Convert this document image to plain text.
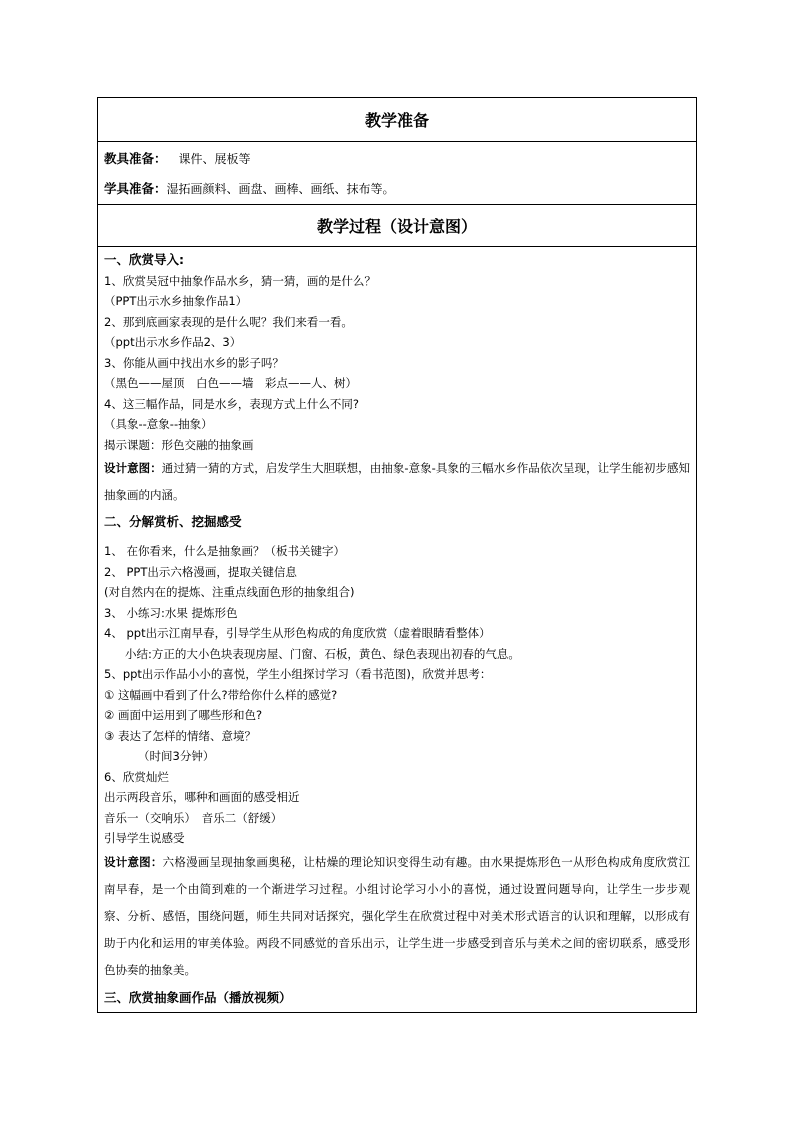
教学准备
教具准备： 　课件、展板等
学具准备： 湿拓画颜料、画盘、画棒、画纸、抹布等。
教学过程（设计意图）
一、欣赏导入:
1、欣赏吴冠中抽象作品水乡，猜一猜，画的是什么？
（PPT出示水乡抽象作品1）
2、那到底画家表现的是什么呢？我们来看一看。
（ppt出示水乡作品2、3）
3、你能从画中找出水乡的影子吗？
（黑色——屋顶　白色——墙　彩点——人、树）
4、这三幅作品，同是水乡，表现方式上什么不同?
（具象--意象--抽象）
揭示课题：形色交融的抽象画
设计意图：通过猜一猜的方式，启发学生大胆联想，由抽象-意象-具象的三幅水乡作品依次呈现，让学生能初步感知抽象画的内涵。
二、分解赏析、挖掘感受
1、 在你看来，什么是抽象画？（板书关键字）
2、 PPT出示六格漫画，提取关键信息
(对自然内在的提炼、注重点线面色形的抽象组合)
3、 小练习:水果 提炼形色
4、 ppt出示江南早春，引导学生从形色构成的角度欣赏（虚着眼睛看整体）
小结:方正的大小色块表现房屋、门窗、石板，黄色、绿色表现出初春的气息。
5、ppt出示作品小小的喜悦，学生小组探讨学习（看书范图)，欣赏并思考：
① 这幅画中看到了什么?带给你什么样的感觉?
② 画面中运用到了哪些形和色?
③ 表达了怎样的情绪、意境？
（时间3分钟）
6、欣赏灿烂
出示两段音乐，哪种和画面的感受相近
音乐一（交响乐）　音乐二（舒缓）
引导学生说感受
设计意图：六格漫画呈现抽象画奥秘，让枯燥的理论知识变得生动有趣。由水果提炼形色一从形色构成角度欣赏江南早春，是一个由简到难的一个渐进学习过程。小组讨论学习小小的喜悦，通过设置问题导向，让学生一步步观察、分析、感悟，围绕问题，师生共同对话探究，强化学生在欣赏过程中对美术形式语言的认识和理解，以形成有助于内化和运用的审美体验。两段不同感觉的音乐出示，让学生进一步感受到音乐与美术之间的密切联系，感受形色协奏的抽象美。
三、欣赏抽象画作品（播放视频）
